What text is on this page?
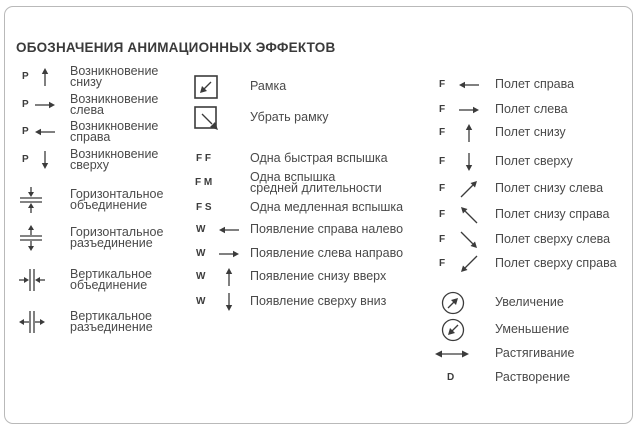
ОБОЗНАЧЕНИЯ АНИМАЦИОННЫХ ЭФФЕКТОВ
P	Возникновение
снизу
P	Возникновение
слева
P	Возникновение
справа
P	Возникновение
сверху
Горизонтальное
объединение
Горизонтальное
разъединение
Вертикальное
объединение
Вертикальное
разъединение
Рамка
Убрать рамку
F F	Одна быстрая вспышка
F M	Одна вспышка
средней длительности
F S	Одна медленная вспышка
W	Появление справа налево
W	Появление слева направо
W	Появление снизу вверх
W	Появление сверху вниз
F	Полет справа
F	Полет слева
F	Полет снизу
F	Полет сверху
F	Полет снизу слева
F	Полет снизу справа
F	Полет сверху слева
F	Полет сверху справа
Увеличение
Уменьшение
Растягивание
D	Растворение
